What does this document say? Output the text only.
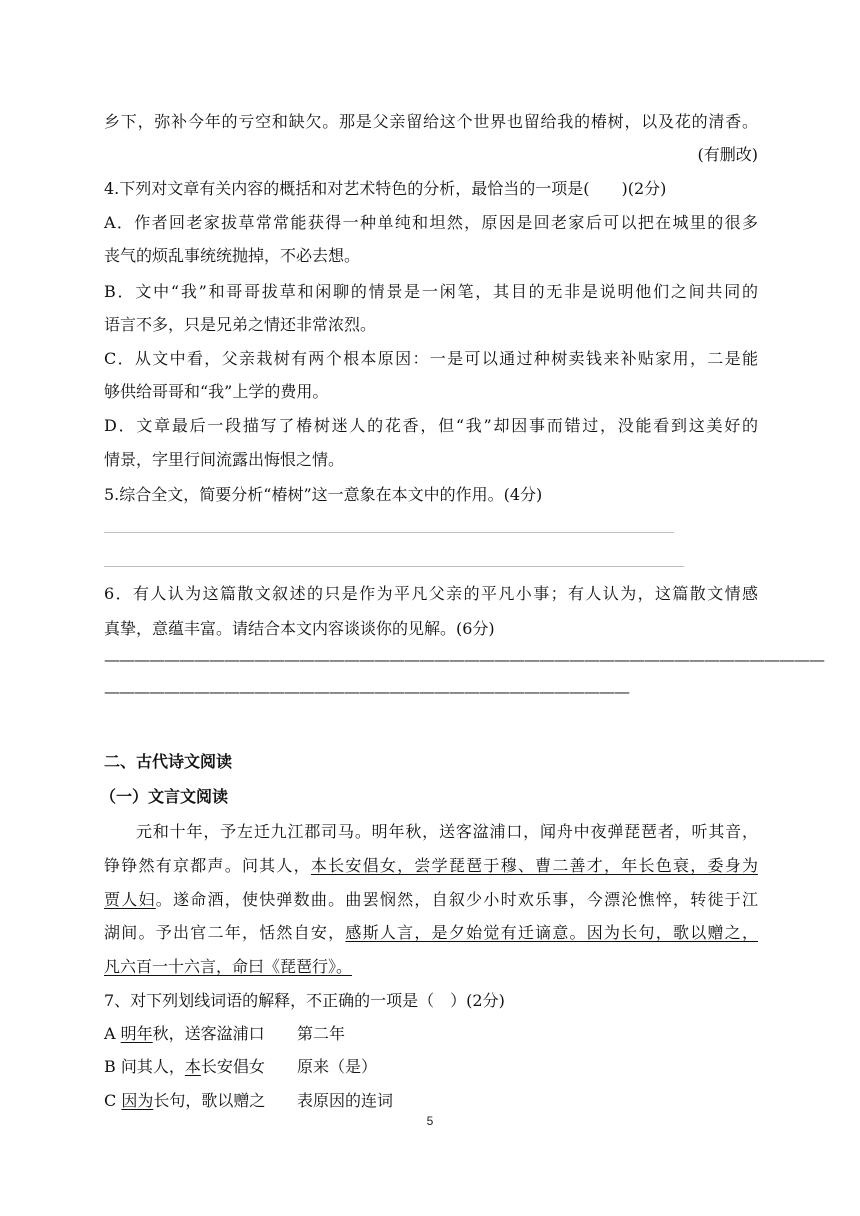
乡下，弥补今年的亏空和缺欠。那是父亲留给这个世界也留给我的椿树，以及花的清香。
(有删改)
4.下列对文章有关内容的概括和对艺术特色的分析，最恰当的一项是(　　)(2分)
A．作者回老家拔草常常能获得一种单纯和坦然，原因是回老家后可以把在城里的很多
丧气的烦乱事统统抛掉，不必去想。
B．文中“我”和哥哥拔草和闲聊的情景是一闲笔，其目的无非是说明他们之间共同的
语言不多，只是兄弟之情还非常浓烈。
C．从文中看，父亲栽树有两个根本原因：一是可以通过种树卖钱来补贴家用，二是能
够供给哥哥和“我”上学的费用。
D．文章最后一段描写了椿树迷人的花香，但“我”却因事而错过，没能看到这美好的
情景，字里行间流露出悔恨之情。
5.综合全文，简要分析“椿树”这一意象在本文中的作用。(4分)
6．有人认为这篇散文叙述的只是作为平凡父亲的平凡小事；有人认为，这篇散文情感
真挚，意蕴丰富。请结合本文内容谈谈你的见解。(6分)
————————————————————————————————————————————————
———————————————————————————————————
二、古代诗文阅读
（一）文言文阅读
元和十年，予左迁九江郡司马。明年秋，送客湓浦口，闻舟中夜弹琵琶者，听其音，
铮铮然有京都声。问其人，本长安倡女，尝学琵琶于穆、曹二善才，年长色衰，委身为
贾人妇。遂命酒，使快弹数曲。曲罢悯然，自叙少小时欢乐事，今漂沦憔悴，转徙于江
湖间。予出官二年，恬然自安，感斯人言，是夕始觉有迁谪意。因为长句，歌以赠之，
凡六百一十六言，命曰《琵琶行》。
7、对下列划线词语的解释，不正确的一项是（　）(2分)
A 明年秋，送客湓浦口	第二年
B 问其人，本长安倡女	原来（是）
C 因为长句，歌以赠之	表原因的连词
5
